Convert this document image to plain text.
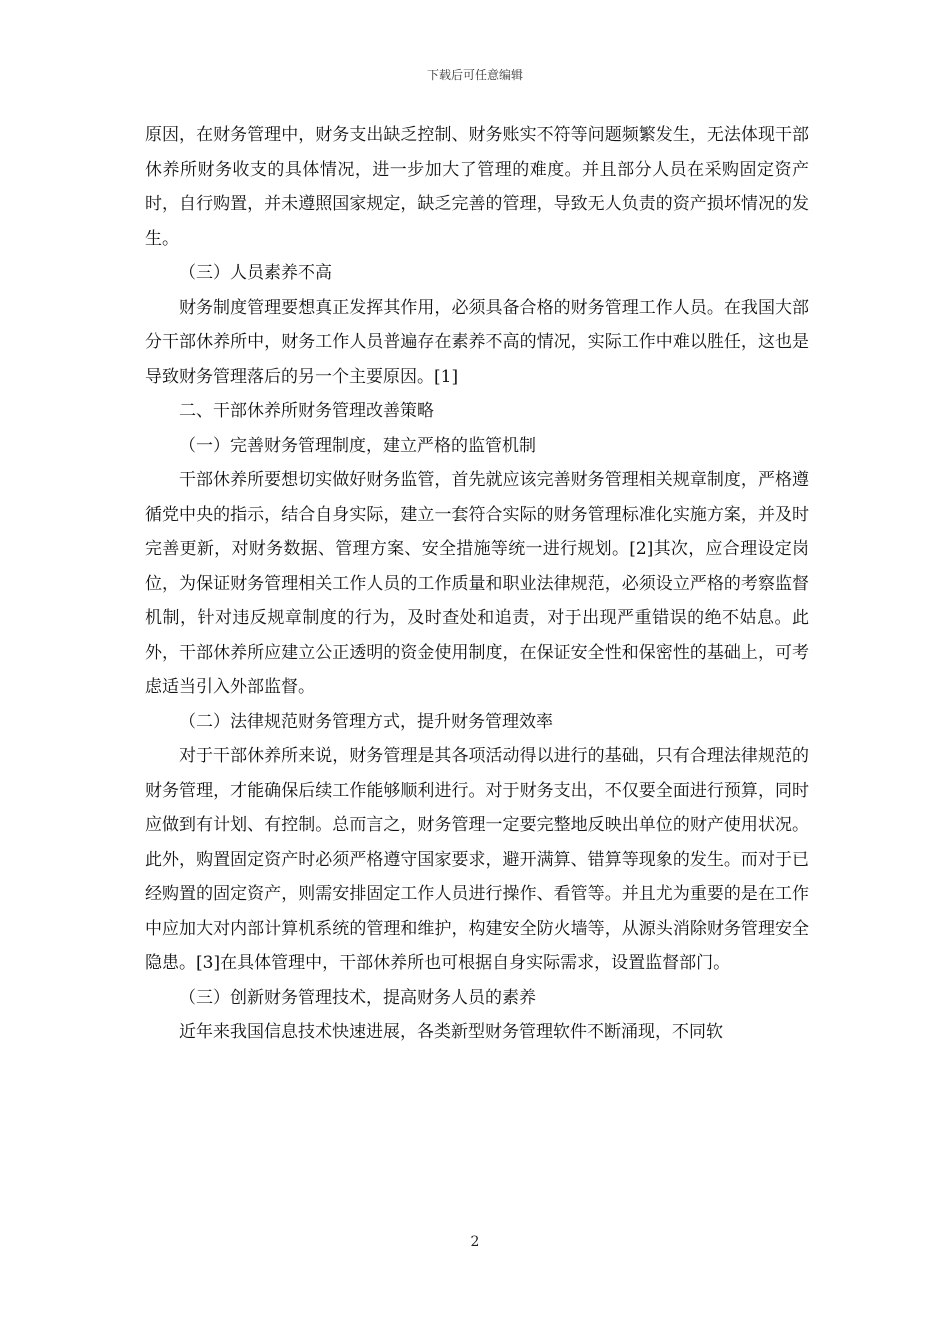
下载后可任意编辑

原因，在财务管理中，财务支出缺乏控制、财务账实不符等问题频繁发生，无法体现干部休养所财务收支的具体情况，进一步加大了管理的难度。并且部分人员在采购固定资产时，自行购置，并未遵照国家规定，缺乏完善的管理，导致无人负责的资产损坏情况的发生。

（三）人员素养不高

财务制度管理要想真正发挥其作用，必须具备合格的财务管理工作人员。在我国大部分干部休养所中，财务工作人员普遍存在素养不高的情况，实际工作中难以胜任，这也是导致财务管理落后的另一个主要原因。[1]

二、干部休养所财务管理改善策略

（一）完善财务管理制度，建立严格的监管机制

干部休养所要想切实做好财务监管，首先就应该完善财务管理相关规章制度，严格遵循党中央的指示，结合自身实际，建立一套符合实际的财务管理标准化实施方案，并及时完善更新，对财务数据、管理方案、安全措施等统一进行规划。[2]其次，应合理设定岗位，为保证财务管理相关工作人员的工作质量和职业法律规范，必须设立严格的考察监督机制，针对违反规章制度的行为，及时查处和追责，对于出现严重错误的绝不姑息。此外，干部休养所应建立公正透明的资金使用制度，在保证安全性和保密性的基础上，可考虑适当引入外部监督。

（二）法律规范财务管理方式，提升财务管理效率

对于干部休养所来说，财务管理是其各项活动得以进行的基础，只有合理法律规范的财务管理，才能确保后续工作能够顺利进行。对于财务支出，不仅要全面进行预算，同时应做到有计划、有控制。总而言之，财务管理一定要完整地反映出单位的财产使用状况。此外，购置固定资产时必须严格遵守国家要求，避开满算、错算等现象的发生。而对于已经购置的固定资产，则需安排固定工作人员进行操作、看管等。并且尤为重要的是在工作中应加大对内部计算机系统的管理和维护，构建安全防火墙等，从源头消除财务管理安全隐患。[3]在具体管理中，干部休养所也可根据自身实际需求，设置监督部门。

（三）创新财务管理技术，提高财务人员的素养

近年来我国信息技术快速进展，各类新型财务管理软件不断涌现，不同软

2
